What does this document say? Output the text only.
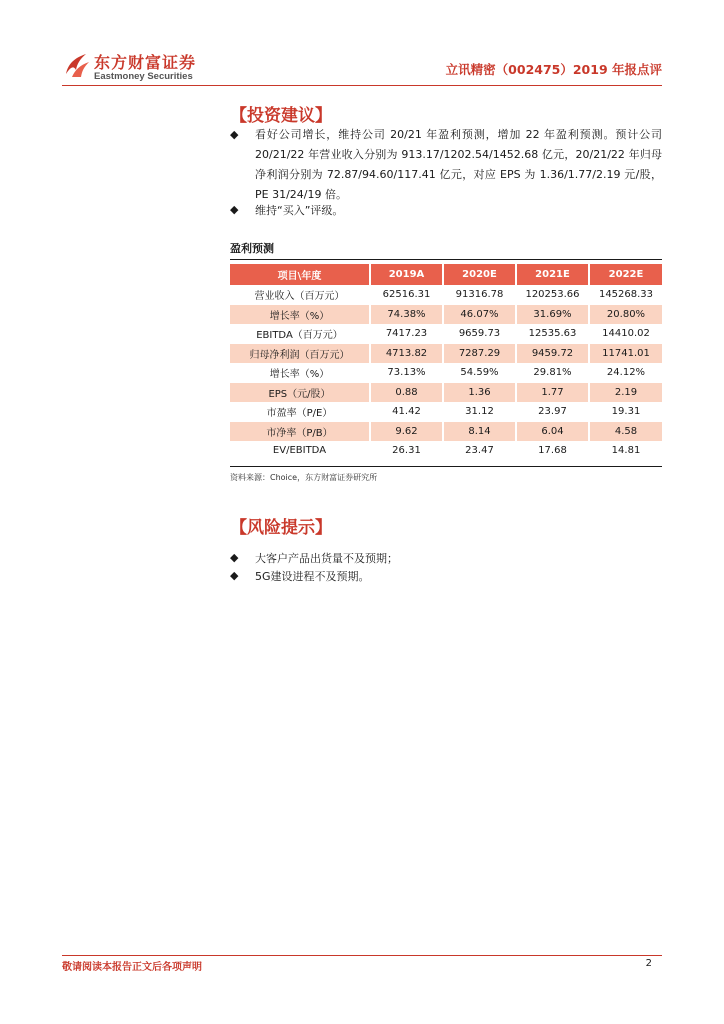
东方财富证券
Eastmoney Securities	立讯精密（002475）2019 年报点评
【投资建议】
◆ 看好公司增长，维持公司 20/21 年盈利预测，增加 22 年盈利预测。预计公司 20/21/22 年营业收入分别为 913.17/1202.54/1452.68 亿元，20/21/22 年归母净利润分别为 72.87/94.60/117.41 亿元，对应 EPS 为 1.36/1.77/2.19 元/股，PE 31/24/19 倍。
◆ 维持“买入”评级。
盈利预测
项目\年度	2019A	2020E	2021E	2022E
营业收入（百万元）	62516.31	91316.78	120253.66	145268.33
增长率（%）	74.38%	46.07%	31.69%	20.80%
EBITDA（百万元）	7417.23	9659.73	12535.63	14410.02
归母净利润（百万元）	4713.82	7287.29	9459.72	11741.01
增长率（%）	73.13%	54.59%	29.81%	24.12%
EPS（元/股）	0.88	1.36	1.77	2.19
市盈率（P/E）	41.42	31.12	23.97	19.31
市净率（P/B）	9.62	8.14	6.04	4.58
EV/EBITDA	26.31	23.47	17.68	14.81
资料来源：Choice，东方财富证券研究所
【风险提示】
◆ 大客户产品出货量不及预期；
◆ 5G建设进程不及预期。
敬请阅读本报告正文后各项声明	2
